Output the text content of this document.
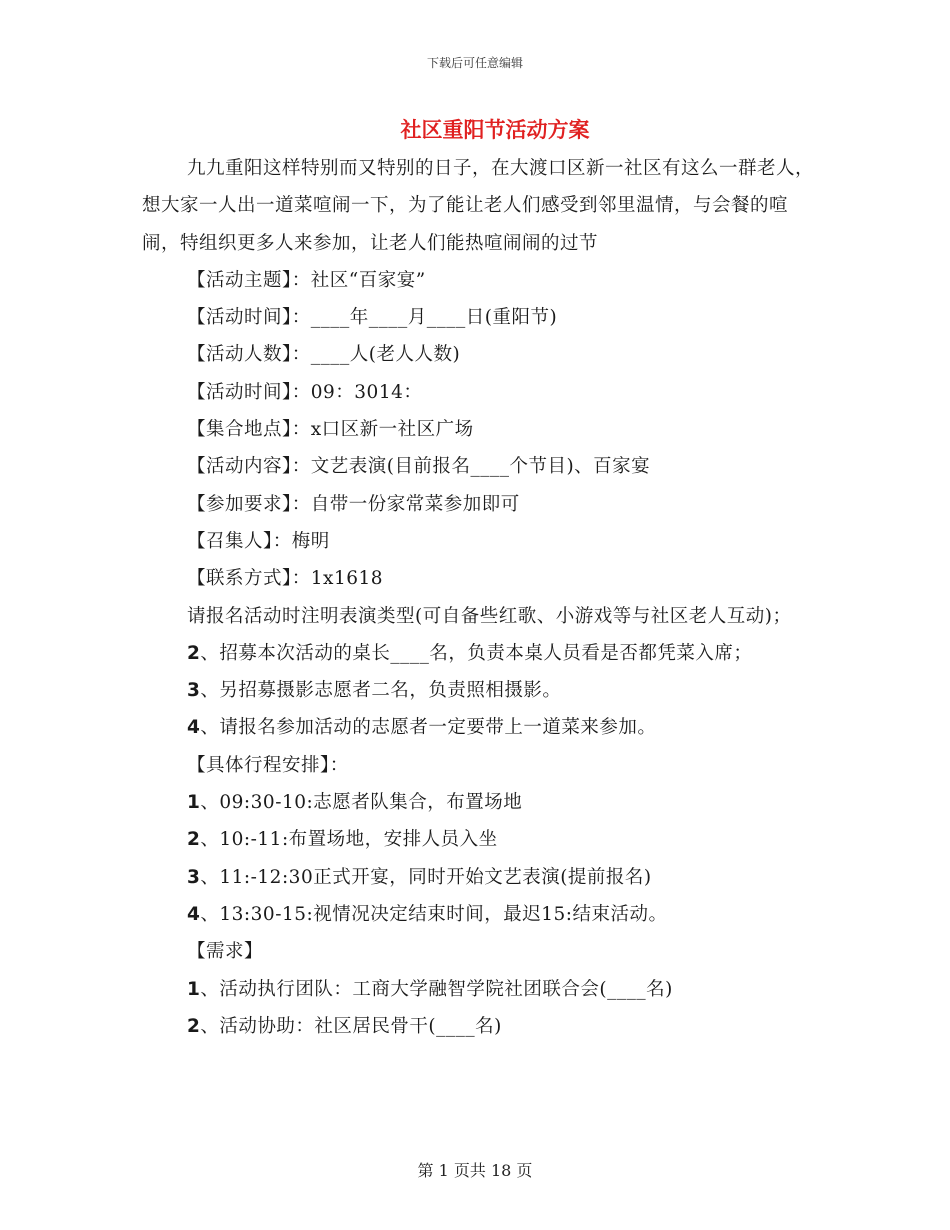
下载后可任意编辑
社区重阳节活动方案

九九重阳这样特别而又特别的日子，在大渡口区新一社区有这么一群老人，想大家一人出一道菜喧闹一下，为了能让老人们感受到邻里温情，与会餐的喧闹，特组织更多人来参加，让老人们能热喧闹闹的过节

【活动主题】：社区“百家宴”

【活动时间】：____年____月____日(重阳节)

【活动人数】：____人(老人人数)

【活动时间】：09：3014：

【集合地点】：x口区新一社区广场

【活动内容】：文艺表演(目前报名____个节目)、百家宴

【参加要求】：自带一份家常菜参加即可

【召集人】：梅明

【联系方式】：1x1618

请报名活动时注明表演类型(可自备些红歌、小游戏等与社区老人互动)；

2、招募本次活动的桌长____名，负责本桌人员看是否都凭菜入席；

3、另招募摄影志愿者二名，负责照相摄影。

4、请报名参加活动的志愿者一定要带上一道菜来参加。

【具体行程安排】：

1、09:30-10:志愿者队集合，布置场地

2、10:-11:布置场地，安排人员入坐

3、11:-12:30正式开宴，同时开始文艺表演(提前报名)

4、13:30-15:视情况决定结束时间，最迟15:结束活动。

【需求】

1、活动执行团队：工商大学融智学院社团联合会(____名)

2、活动协助：社区居民骨干(____名)

第 1 页共 18 页
